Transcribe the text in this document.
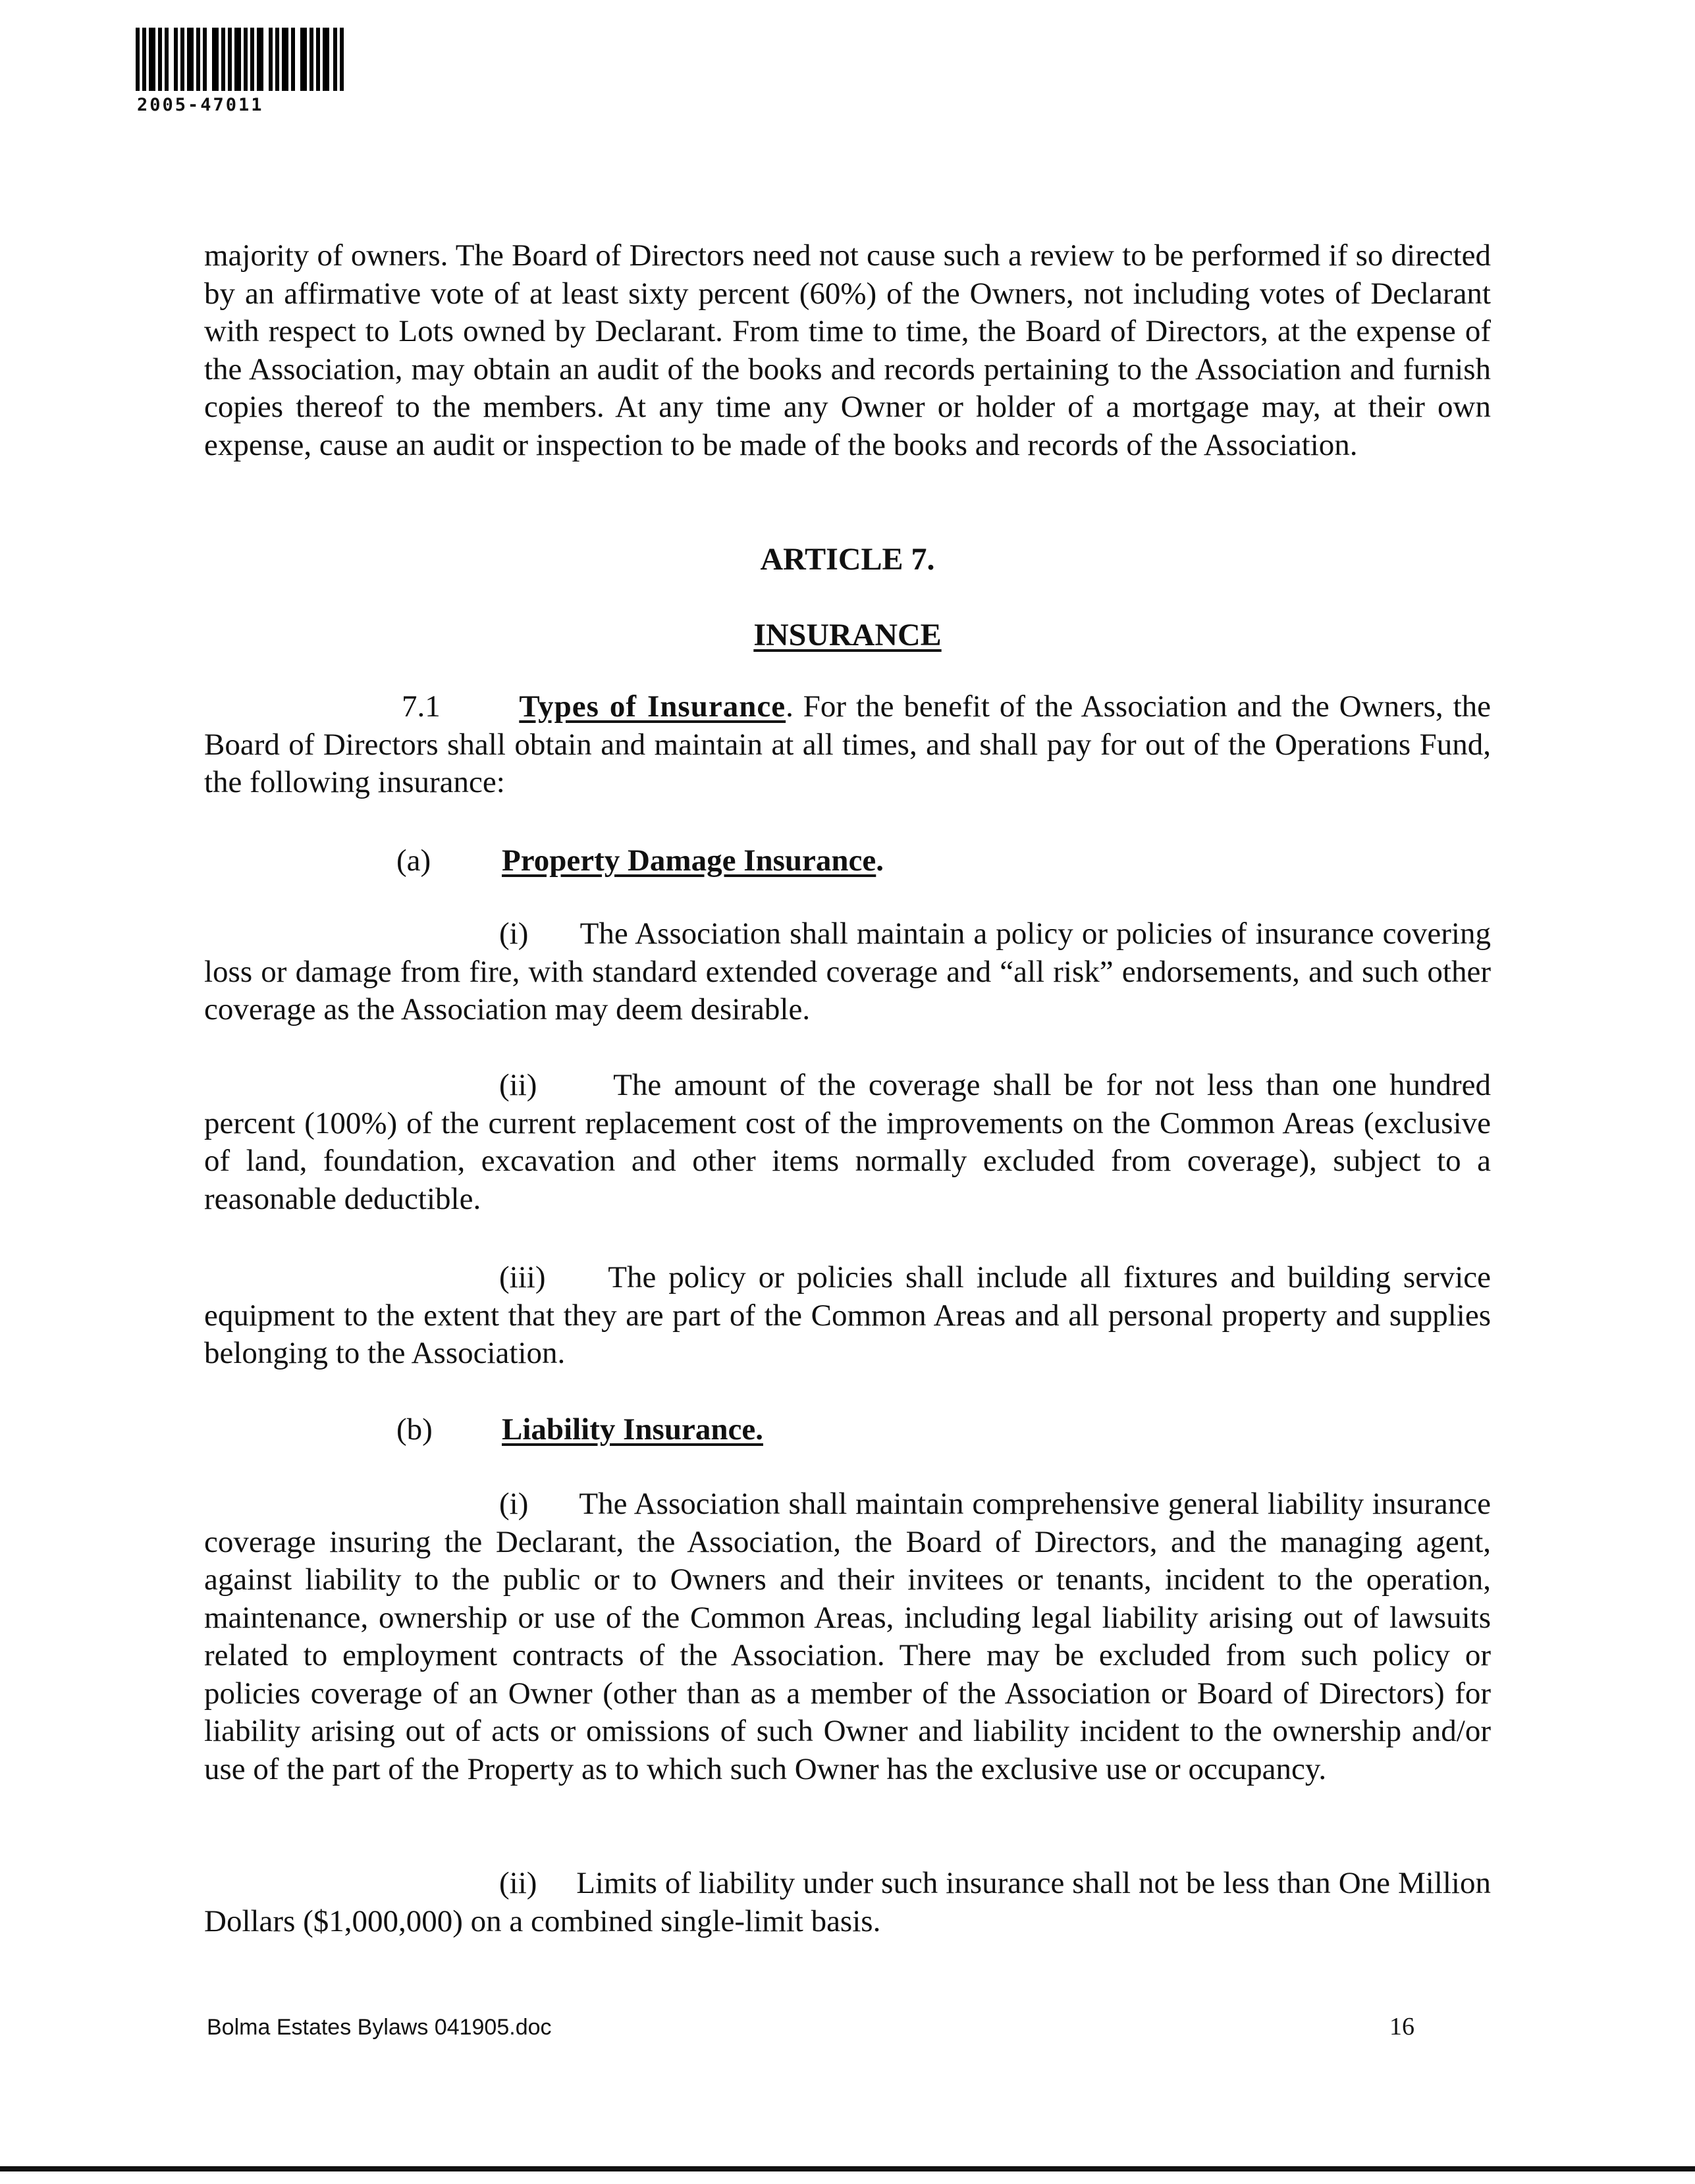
2005-47011

majority of owners. The Board of Directors need not cause such a review to be performed if so directed by an affirmative vote of at least sixty percent (60%) of the Owners, not including votes of Declarant with respect to Lots owned by Declarant. From time to time, the Board of Directors, at the expense of the Association, may obtain an audit of the books and records pertaining to the Association and furnish copies thereof to the members. At any time any Owner or holder of a mortgage may, at their own expense, cause an audit or inspection to be made of the books and records of the Association.

ARTICLE 7.

INSURANCE

7.1	Types of Insurance. For the benefit of the Association and the Owners, the Board of Directors shall obtain and maintain at all times, and shall pay for out of the Operations Fund, the following insurance:

(a) Property Damage Insurance.

(i) The Association shall maintain a policy or policies of insurance covering loss or damage from fire, with standard extended coverage and “all risk” endorsements, and such other coverage as the Association may deem desirable.

(ii) The amount of the coverage shall be for not less than one hundred percent (100%) of the current replacement cost of the improvements on the Common Areas (exclusive of land, foundation, excavation and other items normally excluded from coverage), subject to a reasonable deductible.

(iii) The policy or policies shall include all fixtures and building service equipment to the extent that they are part of the Common Areas and all personal property and supplies belonging to the Association.

(b) Liability Insurance.

(i) The Association shall maintain comprehensive general liability insurance coverage insuring the Declarant, the Association, the Board of Directors, and the managing agent, against liability to the public or to Owners and their invitees or tenants, incident to the operation, maintenance, ownership or use of the Common Areas, including legal liability arising out of lawsuits related to employment contracts of the Association. There may be excluded from such policy or policies coverage of an Owner (other than as a member of the Association or Board of Directors) for liability arising out of acts or omissions of such Owner and liability incident to the ownership and/or use of the part of the Property as to which such Owner has the exclusive use or occupancy.

(ii) Limits of liability under such insurance shall not be less than One Million Dollars ($1,000,000) on a combined single-limit basis.

Bolma Estates Bylaws 041905.doc	16
